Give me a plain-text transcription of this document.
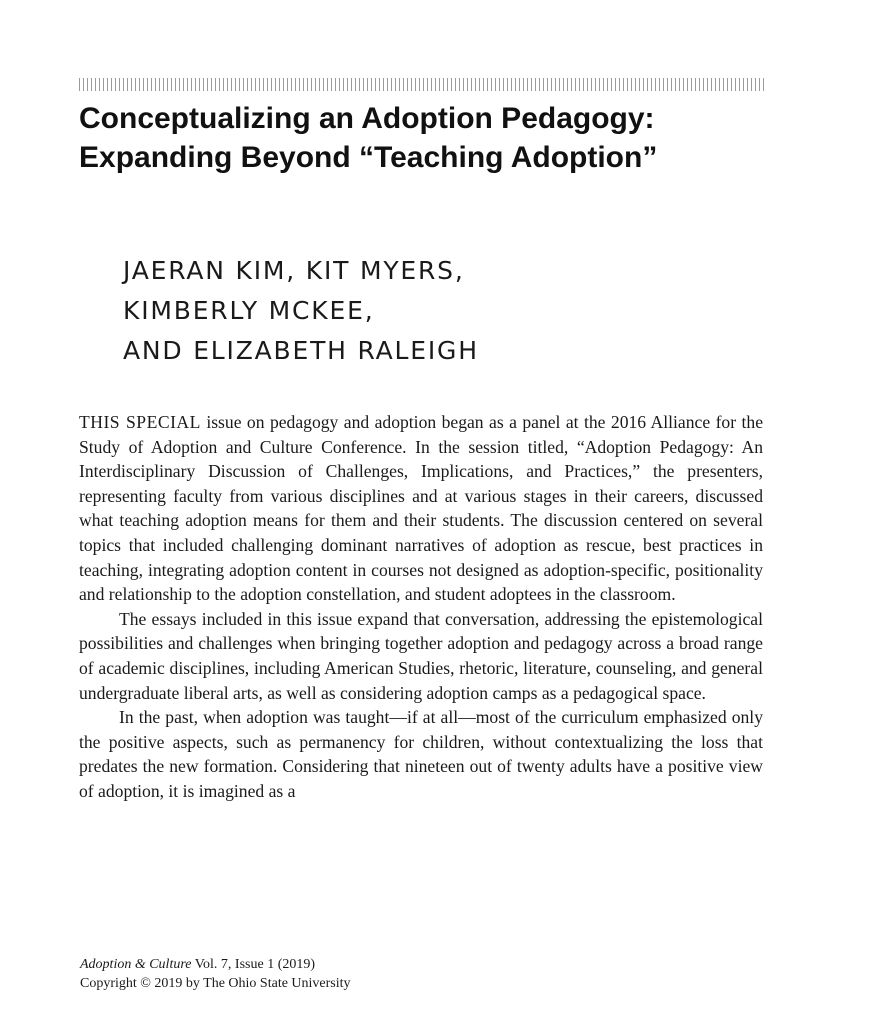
Conceptualizing an Adoption Pedagogy:
Expanding Beyond “Teaching Adoption”
JAERAN KIM, KIT MYERS,
KIMBERLY MCKEE,
AND ELIZABETH RALEIGH

THIS SPECIAL issue on pedagogy and adoption began as a panel at the 2016 Alliance for the Study of Adoption and Culture Conference. In the session titled, “Adoption Pedagogy: An Interdisciplinary Discussion of Challenges, Implications, and Practices,” the presenters, representing faculty from various disciplines and at various stages in their careers, discussed what teaching adoption means for them and their students. The discussion centered on several topics that included challenging dominant narratives of adoption as rescue, best practices in teaching, integrating adoption content in courses not designed as adoption-specific, positionality and relationship to the adoption constellation, and student adoptees in the classroom.

The essays included in this issue expand that conversation, addressing the epistemological possibilities and challenges when bringing together adoption and pedagogy across a broad range of academic disciplines, including American Studies, rhetoric, literature, counseling, and general undergraduate liberal arts, as well as considering adoption camps as a pedagogical space.

In the past, when adoption was taught—if at all—most of the curriculum emphasized only the positive aspects, such as permanency for children, without contextualizing the loss that predates the new formation. Considering that nineteen out of twenty adults have a positive view of adoption, it is imagined as a

Adoption & Culture Vol. 7, Issue 1 (2019)
Copyright © 2019 by The Ohio State University
